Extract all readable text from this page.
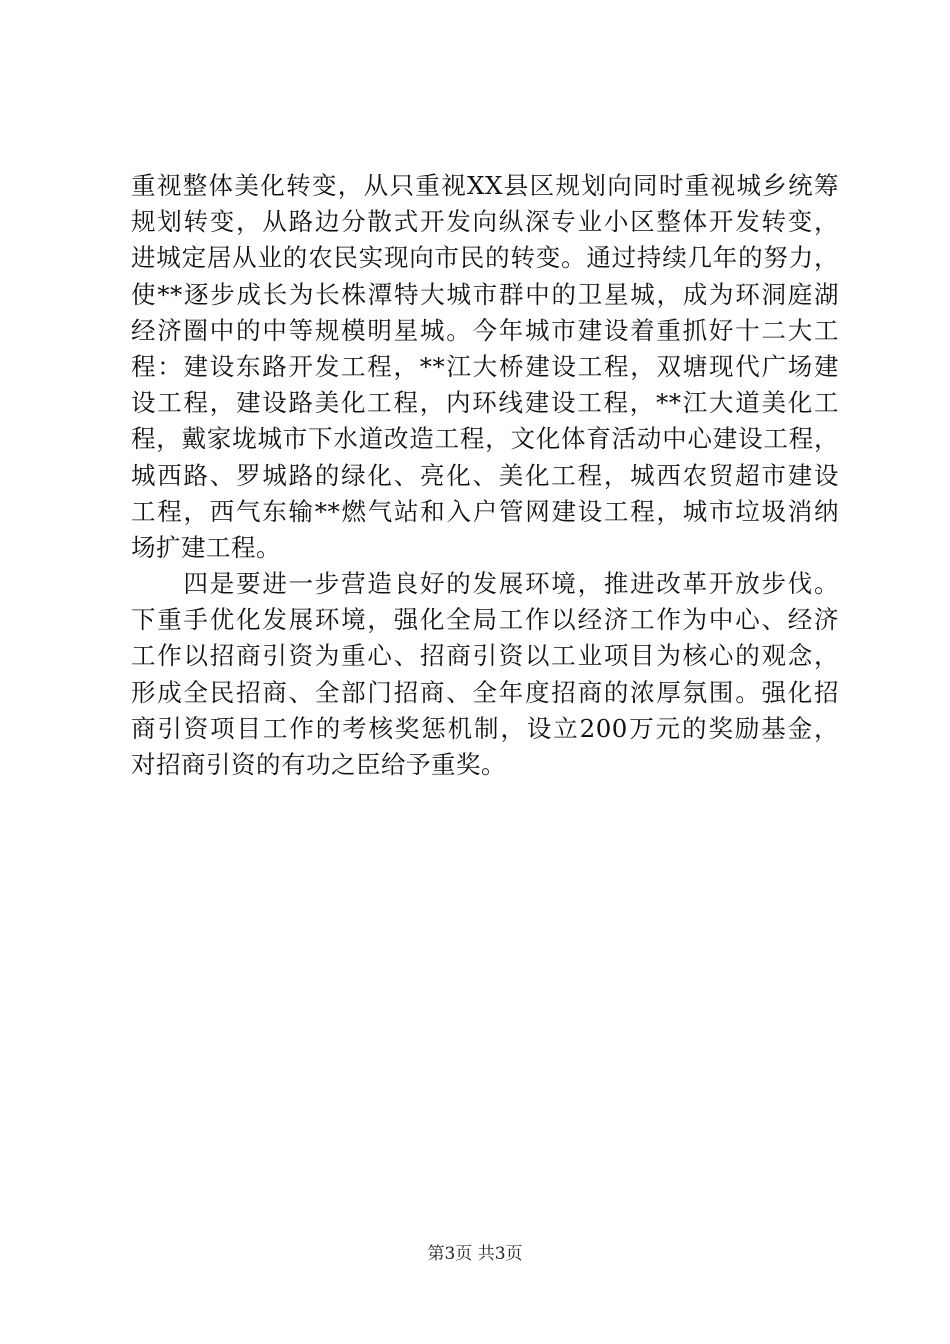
重视整体美化转变，从只重视XX县区规划向同时重视城乡统筹
规划转变，从路边分散式开发向纵深专业小区整体开发转变，
进城定居从业的农民实现向市民的转变。通过持续几年的努力，
使**逐步成长为长株潭特大城市群中的卫星城，成为环洞庭湖
经济圈中的中等规模明星城。今年城市建设着重抓好十二大工
程：建设东路开发工程，**江大桥建设工程，双塘现代广场建
设工程，建设路美化工程，内环线建设工程，**江大道美化工
程，戴家垅城市下水道改造工程，文化体育活动中心建设工程，
城西路、罗城路的绿化、亮化、美化工程，城西农贸超市建设
工程，西气东输**燃气站和入户管网建设工程，城市垃圾消纳
场扩建工程。
　　四是要进一步营造良好的发展环境，推进改革开放步伐。
下重手优化发展环境，强化全局工作以经济工作为中心、经济
工作以招商引资为重心、招商引资以工业项目为核心的观念，
形成全民招商、全部门招商、全年度招商的浓厚氛围。强化招
商引资项目工作的考核奖惩机制，设立200万元的奖励基金，
对招商引资的有功之臣给予重奖。
第3页 共3页
